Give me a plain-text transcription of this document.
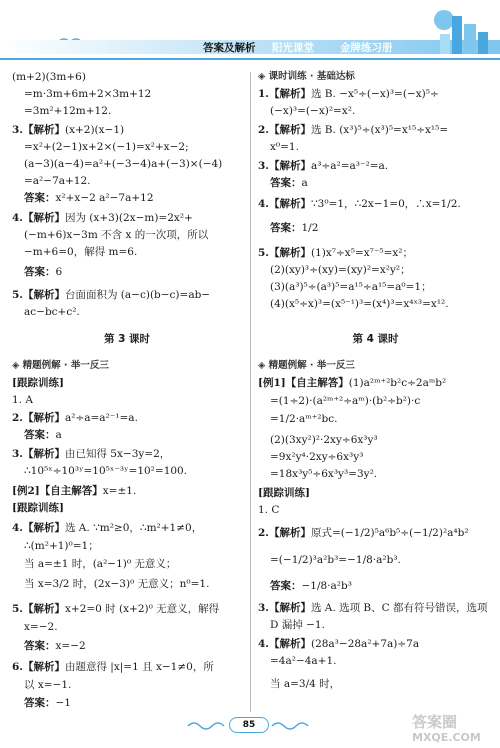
答案及解析 阳光课堂 金牌练习册
(m+2)(3m+6)
=m·3m+6m+2×3m+12
=3m²+12m+12.
3.【解析】(x+2)(x−1)
=x²+(2−1)x+2×(−1)=x²+x−2;
(a−3)(a−4)=a²+(−3−4)a+(−3)×(−4)
=a²−7a+12.
答案：x²+x−2 a²−7a+12
4.【解析】因为 (x+3)(2x−m)=2x²+
(−m+6)x−3m 不含 x 的一次项，所以
−m+6=0，解得 m=6.
答案：6
5.【解析】台面面积为 (a−c)(b−c)=ab−
ac−bc+c².
第 3 课时
◈ 精题例解 · 举一反三
[跟踪训练]
1. A
2.【解析】a²÷a=a²⁻¹=a.
答案：a
3.【解析】由已知得 5x−3y=2，
∴10⁵ˣ÷10³ʸ=10⁵ˣ⁻³ʸ=10²=100.
[例2]【自主解答】x=±1.
[跟踪训练]
4.【解析】选 A. ∵m²≥0，∴m²+1≠0，
∴(m²+1)⁰=1；
当 a=±1 时，(a²−1)⁰ 无意义；
当 x=3/2 时，(2x−3)⁰ 无意义；n⁰=1.
5.【解析】x+2=0 时 (x+2)⁰ 无意义，解得
x=−2.
答案：x=−2
6.【解析】由题意得 |x|=1 且 x−1≠0，所
以 x=−1.
答案：−1
◈ 课时训练 · 基础达标
1.【解析】选 B. −x⁵÷(−x)³=(−x)⁵÷
(−x)³=(−x)²=x².
2.【解析】选 B. (x³)⁵÷(x³)⁵=x¹⁵÷x¹⁵=
x⁰=1.
3.【解析】a³÷a²=a³⁻²=a.
答案：a
4.【解析】∵3⁰=1，∴2x−1=0，∴x=1/2.
答案：1/2
5.【解析】(1)x⁷÷x⁵=x⁷⁻⁵=x²；
(2)(xy)³÷(xy)=(xy)²=x²y²；
(3)(a³)⁵÷(a³)⁵=a¹⁵÷a¹⁵=a⁰=1；
(4)(x⁵÷x)³=(x⁵⁻¹)³=(x⁴)³=x⁴ˣ³=x¹².
第 4 课时
◈ 精题例解 · 举一反三
[例1]【自主解答】(1)a²ᵐ⁺²b²c÷2aᵐb²
=(1÷2)·(a²ᵐ⁺²÷aᵐ)·(b²÷b²)·c
=1/2·aᵐ⁺²bc.
(2)(3xy²)²·2xy÷6x³y³
=9x²y⁴·2xy÷6x³y³
=18x³y⁵÷6x³y³=3y².
[跟踪训练]
1. C
2.【解析】原式=(−1/2)⁵a⁶b⁵÷(−1/2)²a⁴b²
=(−1/2)³a²b³=−1/8·a²b³.
答案：−1/8·a²b³
3.【解析】选 A. 选项 B、C 都有符号错误，选项
D 漏掉 −1.
4.【解析】(28a³−28a²+7a)÷7a
=4a²−4a+1.
当 a=3/4 时，
85	答案圈
MXQE.COM
